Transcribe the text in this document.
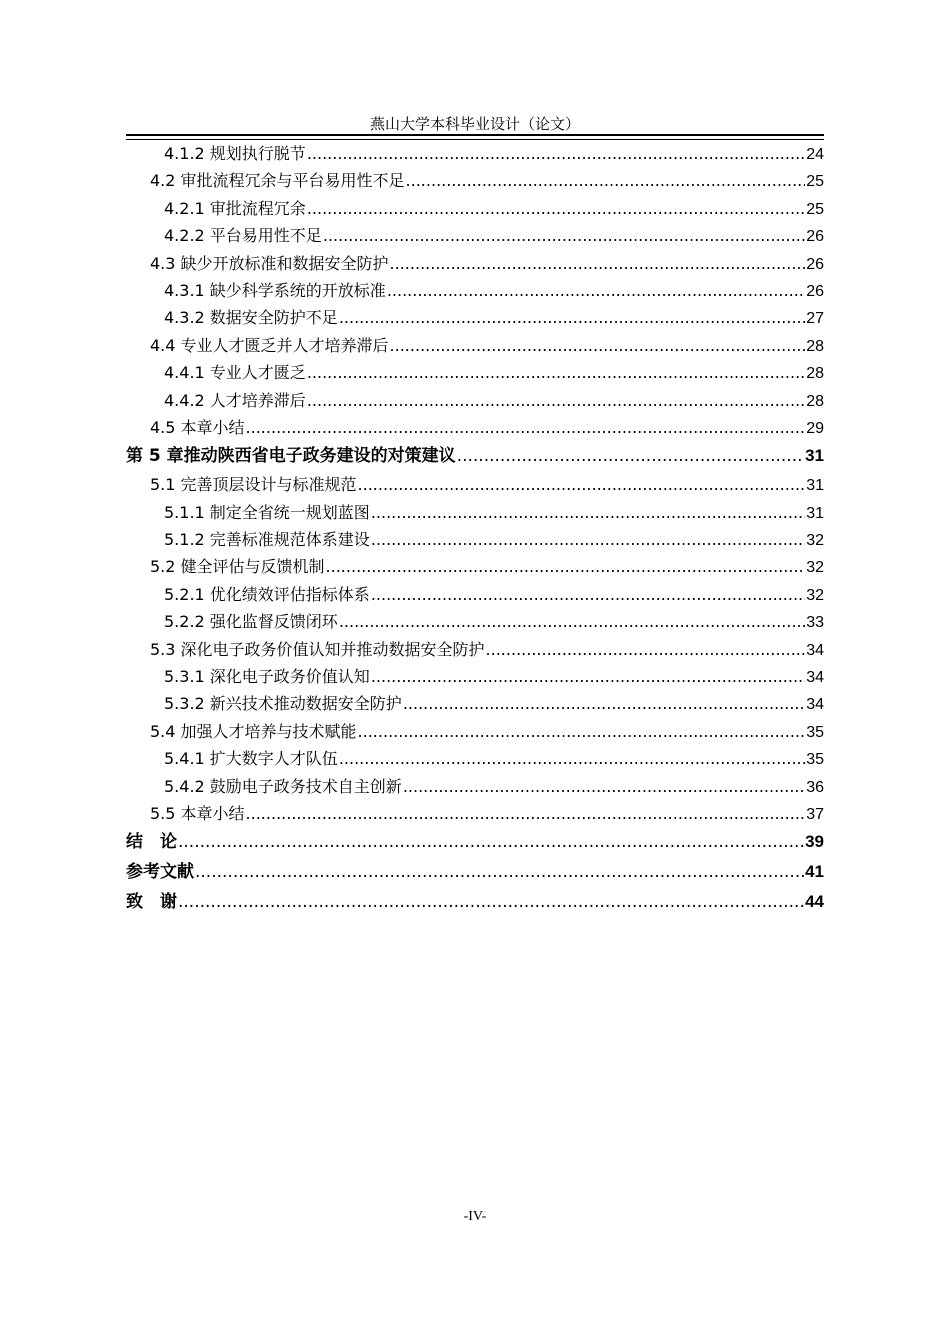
燕山大学本科毕业设计（论文）
4.1.2 规划执行脱节 .....	24
4.2 审批流程冗余与平台易用性不足 .....	25
4.2.1 审批流程冗余 .....	25
4.2.2 平台易用性不足 .....	26
4.3 缺少开放标准和数据安全防护 .....	26
4.3.1 缺少科学系统的开放标准 .....	26
4.3.2 数据安全防护不足 .....	27
4.4 专业人才匮乏并人才培养滞后 .....	28
4.4.1 专业人才匮乏 .....	28
4.4.2 人才培养滞后 .....	28
4.5 本章小结 .....	29
第 5 章推动陕西省电子政务建设的对策建议 .....	31
5.1 完善顶层设计与标准规范 .....	31
5.1.1 制定全省统一规划蓝图 .....	31
5.1.2 完善标准规范体系建设 .....	32
5.2 健全评估与反馈机制 .....	32
5.2.1 优化绩效评估指标体系 .....	32
5.2.2 强化监督反馈闭环 .....	33
5.3 深化电子政务价值认知并推动数据安全防护 .....	34
5.3.1 深化电子政务价值认知 .....	34
5.3.2 新兴技术推动数据安全防护 .....	34
5.4 加强人才培养与技术赋能 .....	35
5.4.1 扩大数字人才队伍 .....	35
5.4.2 鼓励电子政务技术自主创新 .....	36
5.5 本章小结 .....	37
结　论 .....	39
参考文献 .....	41
致　谢 .....	44
-IV-
